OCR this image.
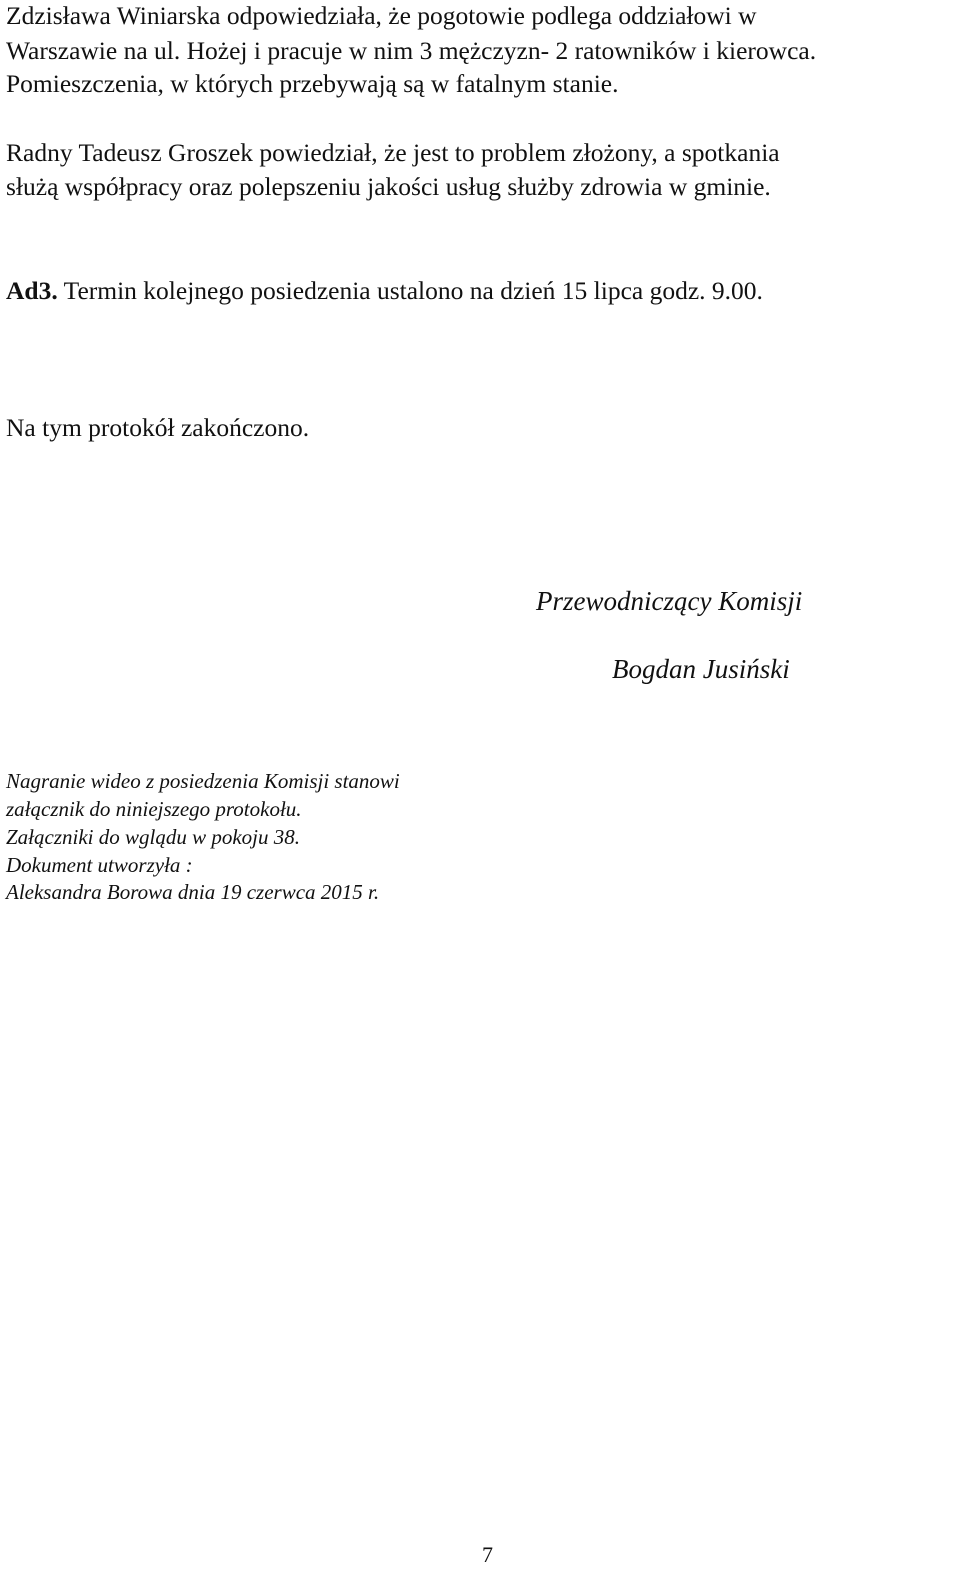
Zdzisława Winiarska odpowiedziała, że pogotowie podlega oddziałowi w
Warszawie na ul. Hożej i pracuje w nim 3 mężczyzn- 2 ratowników i kierowca.
Pomieszczenia, w których przebywają są w fatalnym stanie.
Radny Tadeusz Groszek powiedział, że jest to problem złożony, a spotkania
służą współpracy oraz polepszeniu jakości usług służby zdrowia w gminie.
Ad3. Termin kolejnego posiedzenia ustalono na dzień 15 lipca godz. 9.00.
Na tym protokół zakończono.
Przewodniczący Komisji
Bogdan Jusiński
Nagranie wideo z posiedzenia Komisji stanowi
załącznik do niniejszego protokołu.
Załączniki do wglądu w pokoju 38.
Dokument utworzyła :
Aleksandra Borowa dnia 19 czerwca 2015 r.
7
